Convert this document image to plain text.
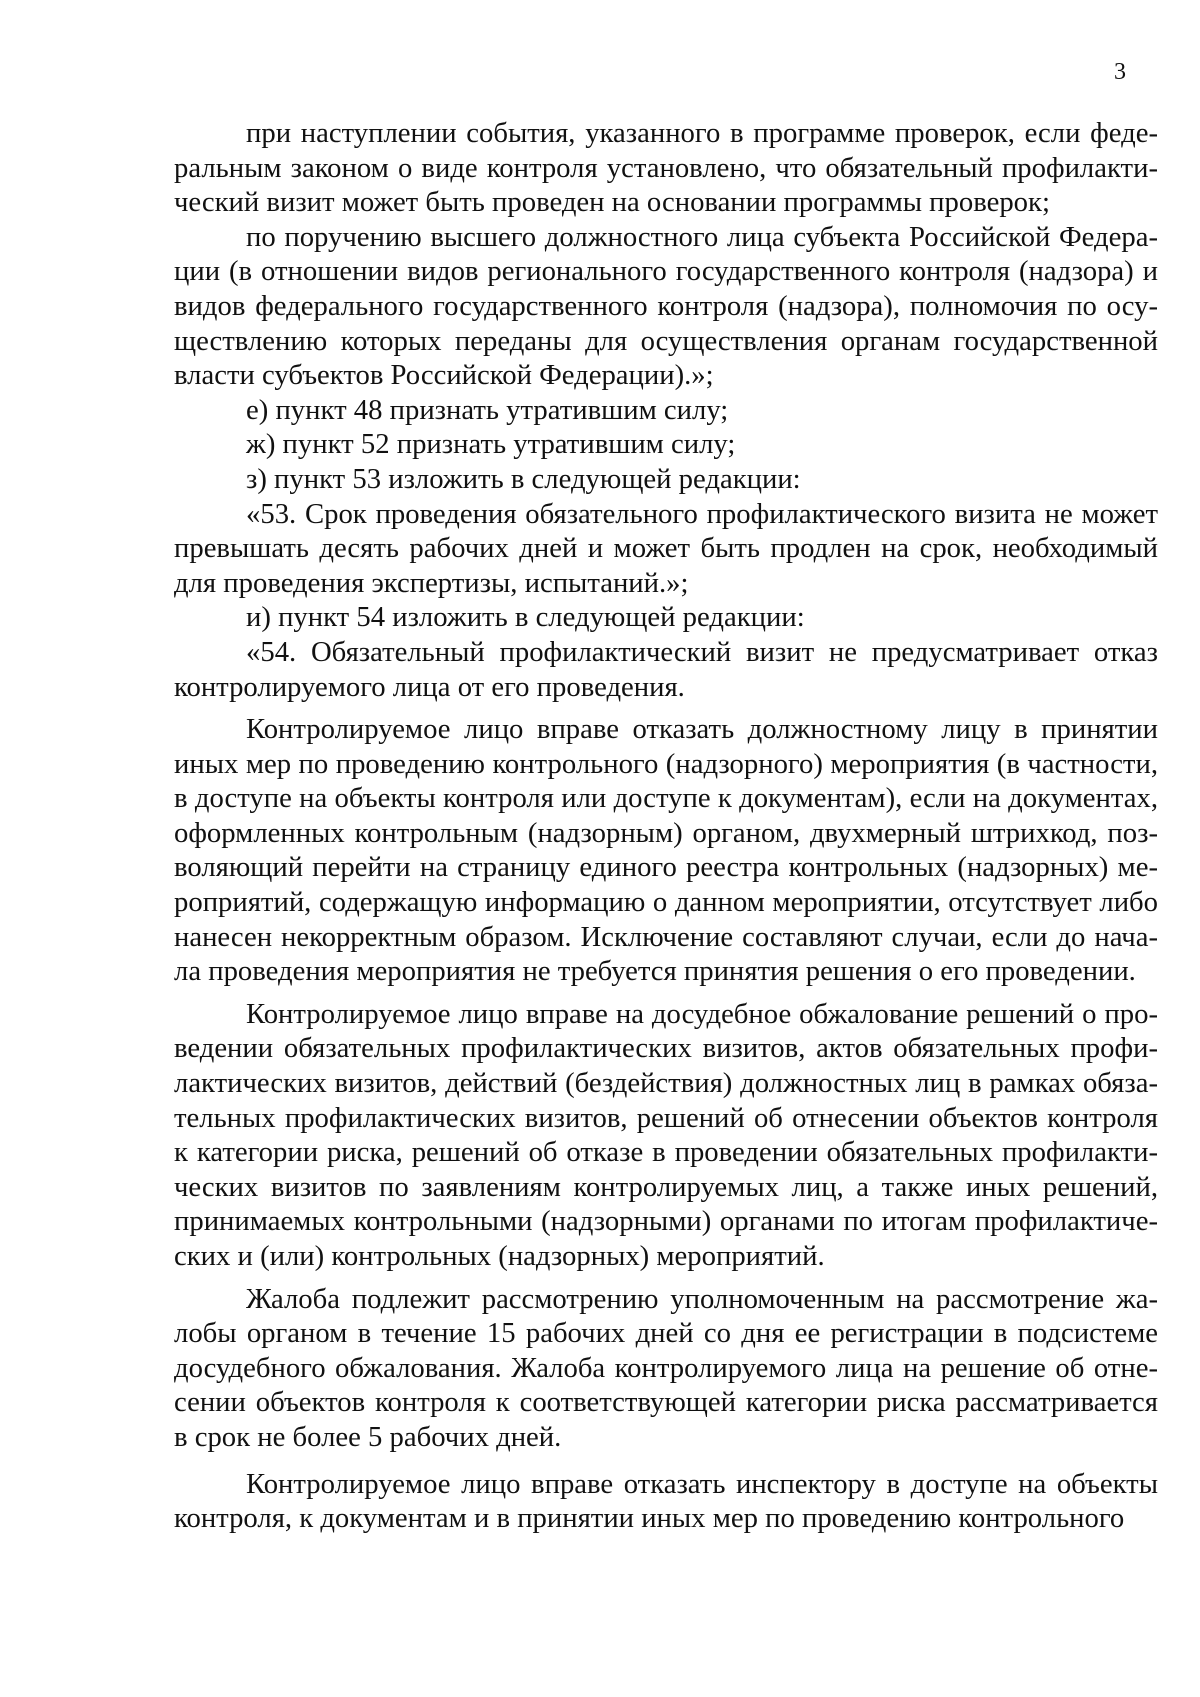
3

при наступлении события, указанного в программе проверок, если федеральным законом о виде контроля установлено, что обязательный профилактический визит может быть проведен на основании программы проверок;

по поручению высшего должностного лица субъекта Российской Федерации (в отношении видов регионального государственного контроля (надзора) и видов федерального государственного контроля (надзора), полномочия по осуществлению которых переданы для осуществления органам государственной власти субъектов Российской Федерации).»;

е) пункт 48 признать утратившим силу;

ж) пункт 52 признать утратившим силу;

з) пункт 53 изложить в следующей редакции:

«53. Срок проведения обязательного профилактического визита не может превышать десять рабочих дней и может быть продлен на срок, необходимый для проведения экспертизы, испытаний.»;

и) пункт 54 изложить в следующей редакции:

«54. Обязательный профилактический визит не предусматривает отказ контролируемого лица от его проведения.

Контролируемое лицо вправе отказать должностному лицу в принятии иных мер по проведению контрольного (надзорного) мероприятия (в частности, в доступе на объекты контроля или доступе к документам), если на документах, оформленных контрольным (надзорным) органом, двухмерный штрихкод, позволяющий перейти на страницу единого реестра контрольных (надзорных) мероприятий, содержащую информацию о данном мероприятии, отсутствует либо нанесен некорректным образом. Исключение составляют случаи, если до начала проведения мероприятия не требуется принятия решения о его проведении.

Контролируемое лицо вправе на досудебное обжалование решений о проведении обязательных профилактических визитов, актов обязательных профилактических визитов, действий (бездействия) должностных лиц в рамках обязательных профилактических визитов, решений об отнесении объектов контроля к категории риска, решений об отказе в проведении обязательных профилактических визитов по заявлениям контролируемых лиц, а также иных решений, принимаемых контрольными (надзорными) органами по итогам профилактических и (или) контрольных (надзорных) мероприятий.

Жалоба подлежит рассмотрению уполномоченным на рассмотрение жалобы органом в течение 15 рабочих дней со дня ее регистрации в подсистеме досудебного обжалования. Жалоба контролируемого лица на решение об отнесении объектов контроля к соответствующей категории риска рассматривается в срок не более 5 рабочих дней.

Контролируемое лицо вправе отказать инспектору в доступе на объекты контроля, к документам и в принятии иных мер по проведению контрольного
